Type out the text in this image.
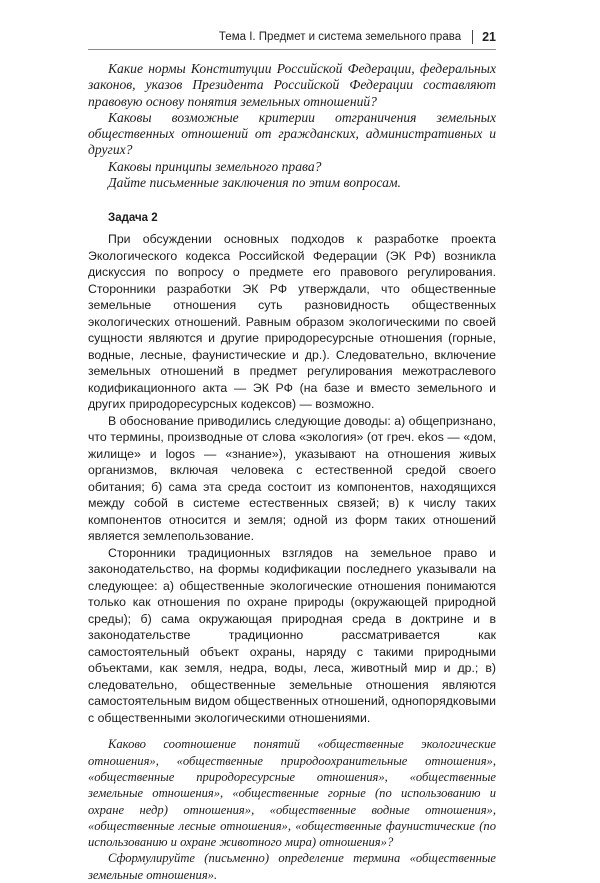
Тема I. Предмет и система земельного права 21

Какие нормы Конституции Российской Федерации, федеральных законов, указов Президента Российской Федерации составляют правовую основу понятия земельных отношений?

Каковы возможные критерии отграничения земельных общественных отношений от гражданских, административных и других?

Каковы принципы земельного права?

Дайте письменные заключения по этим вопросам.

Задача 2

При обсуждении основных подходов к разработке проекта Экологического кодекса Российской Федерации (ЭК РФ) возникла дискуссия по вопросу о предмете его правового регулирования. Сторонники разработки ЭК РФ утверждали, что общественные земельные отношения суть разновидность общественных экологических отношений. Равным образом экологическими по своей сущности являются и другие природоресурсные отношения (горные, водные, лесные, фаунистические и др.). Следовательно, включение земельных отношений в предмет регулирования межотраслевого кодификационного акта — ЭК РФ (на базе и вместо земельного и других природоресурсных кодексов) — возможно.

В обоснование приводились следующие доводы: а) общепризнано, что термины, производные от слова «экология» (от греч. ekos — «дом, жилище» и logos — «знание»), указывают на отношения живых организмов, включая человека с естественной средой своего обитания; б) сама эта среда состоит из компонентов, находящихся между собой в системе естественных связей; в) к числу таких компонентов относится и земля; одной из форм таких отношений является землепользование.

Сторонники традиционных взглядов на земельное право и законодательство, на формы кодификации последнего указывали на следующее: а) общественные экологические отношения понимаются только как отношения по охране природы (окружающей природной среды); б) сама окружающая природная среда в доктрине и в законодательстве традиционно рассматривается как самостоятельный объект охраны, наряду с такими природными объектами, как земля, недра, воды, леса, животный мир и др.; в) следовательно, общественные земельные отношения являются самостоятельным видом общественных отношений, однопорядковыми с общественными экологическими отношениями.

Каково соотношение понятий «общественные экологические отношения», «общественные природоохранительные отношения», «общественные природоресурсные отношения», «общественные земельные отношения», «общественные горные (по использованию и охране недр) отношения», «общественные водные отношения», «общественные лесные отношения», «общественные фаунистические (по использованию и охране животного мира) отношения»?

Сформулируйте (письменно) определение термина «общественные земельные отношения».
